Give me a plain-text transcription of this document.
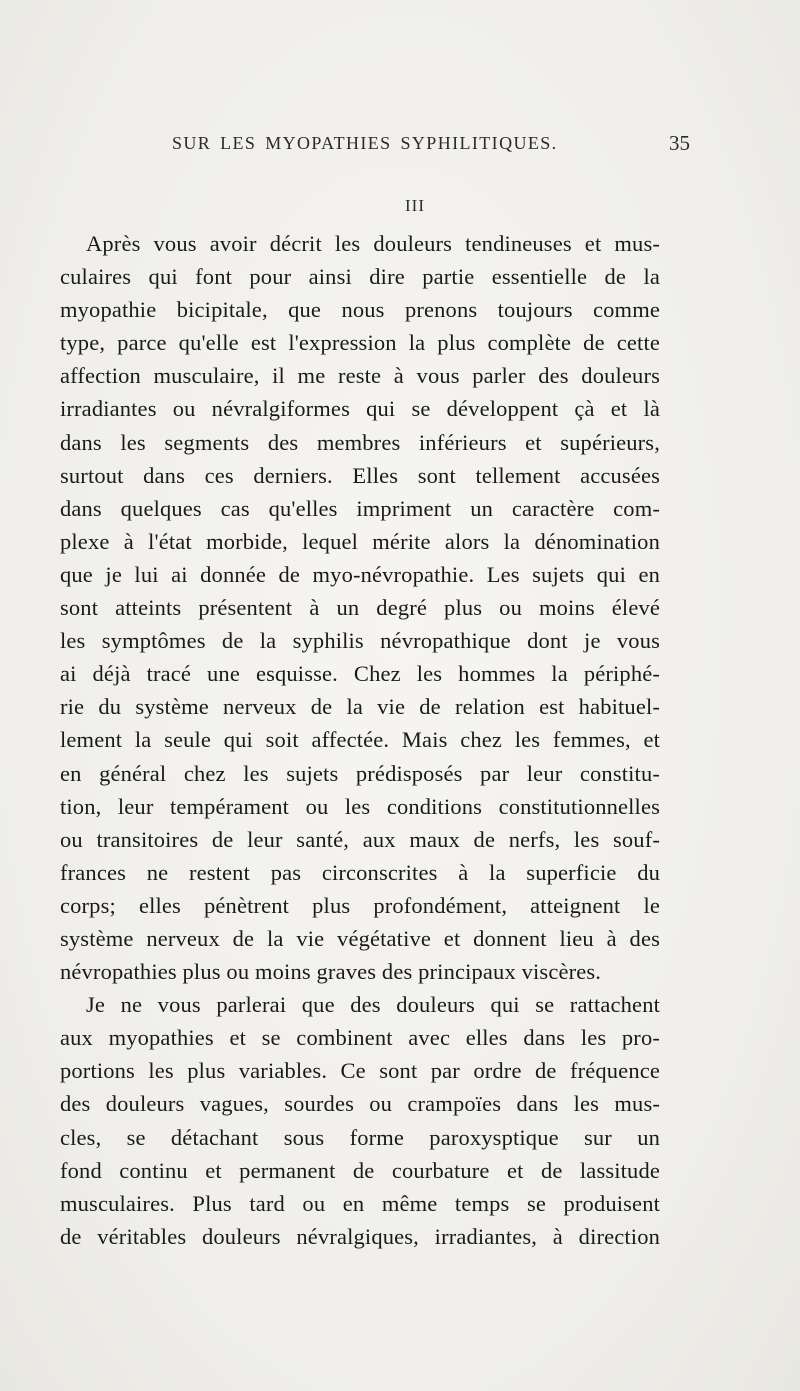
SUR LES MYOPATHIES SYPHILITIQUES.	35
III
Après vous avoir décrit les douleurs tendineuses et mus-
culaires qui font pour ainsi dire partie essentielle de la
myopathie bicipitale, que nous prenons toujours comme
type, parce qu'elle est l'expression la plus complète de cette
affection musculaire, il me reste à vous parler des douleurs
irradiantes ou névralgiformes qui se développent çà et là
dans les segments des membres inférieurs et supérieurs,
surtout dans ces derniers. Elles sont tellement accusées
dans quelques cas qu'elles impriment un caractère com-
plexe à l'état morbide, lequel mérite alors la dénomination
que je lui ai donnée de myo-névropathie. Les sujets qui en
sont atteints présentent à un degré plus ou moins élevé
les symptômes de la syphilis névropathique dont je vous
ai déjà tracé une esquisse. Chez les hommes la périphé-
rie du système nerveux de la vie de relation est habituel-
lement la seule qui soit affectée. Mais chez les femmes, et
en général chez les sujets prédisposés par leur constitu-
tion, leur tempérament ou les conditions constitutionnelles
ou transitoires de leur santé, aux maux de nerfs, les souf-
frances ne restent pas circonscrites à la superficie du
corps; elles pénètrent plus profondément, atteignent le
système nerveux de la vie végétative et donnent lieu à des
névropathies plus ou moins graves des principaux viscères.
Je ne vous parlerai que des douleurs qui se rattachent
aux myopathies et se combinent avec elles dans les pro-
portions les plus variables. Ce sont par ordre de fréquence
des douleurs vagues, sourdes ou crampoïes dans les mus-
cles, se détachant sous forme paroxysptique sur un
fond continu et permanent de courbature et de lassitude
musculaires. Plus tard ou en même temps se produisent
de véritables douleurs névralgiques, irradiantes, à direction
